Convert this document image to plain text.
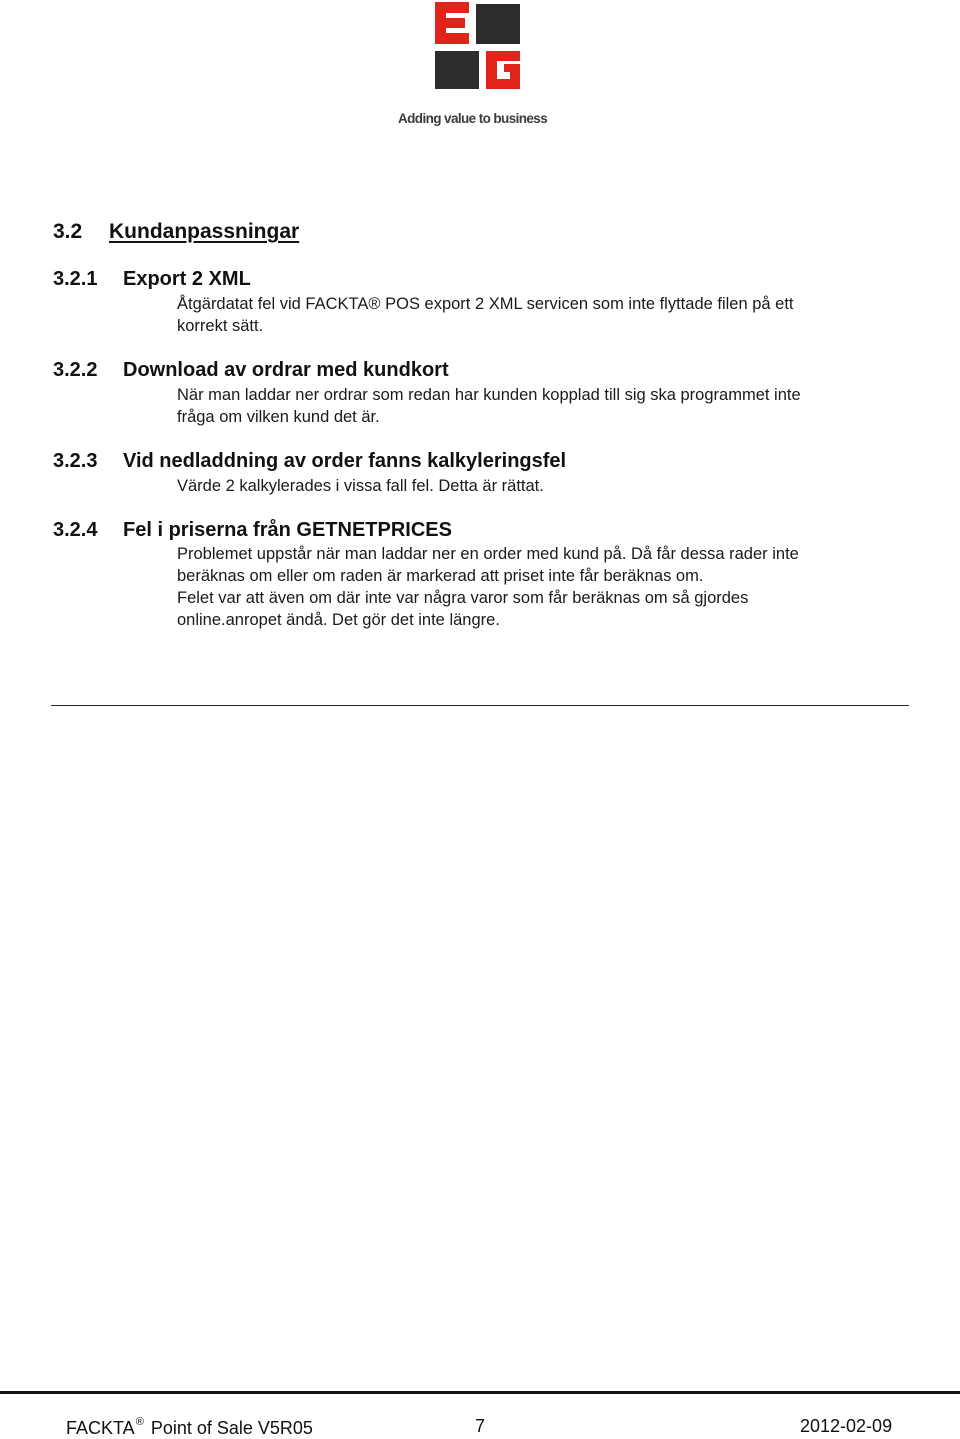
Adding value to business
3.2 Kundanpassningar
3.2.1 Export 2 XML
Åtgärdatat fel vid FACKTA® POS export 2 XML servicen som inte flyttade filen på ett
korrekt sätt.
3.2.2 Download av ordrar med kundkort
När man laddar ner ordrar som redan har kunden kopplad till sig ska programmet inte
fråga om vilken kund det är.
3.2.3 Vid nedladdning av order fanns kalkyleringsfel
Värde 2 kalkylerades i vissa fall fel. Detta är rättat.
3.2.4 Fel i priserna från GETNETPRICES
Problemet uppstår när man laddar ner en order med kund på. Då får dessa rader inte
beräknas om eller om raden är markerad att priset inte får beräknas om.
Felet var att även om där inte var några varor som får beräknas om så gjordes
online.anropet ändå. Det gör det inte längre.
FACKTA® Point of Sale V5R05	7	2012-02-09
